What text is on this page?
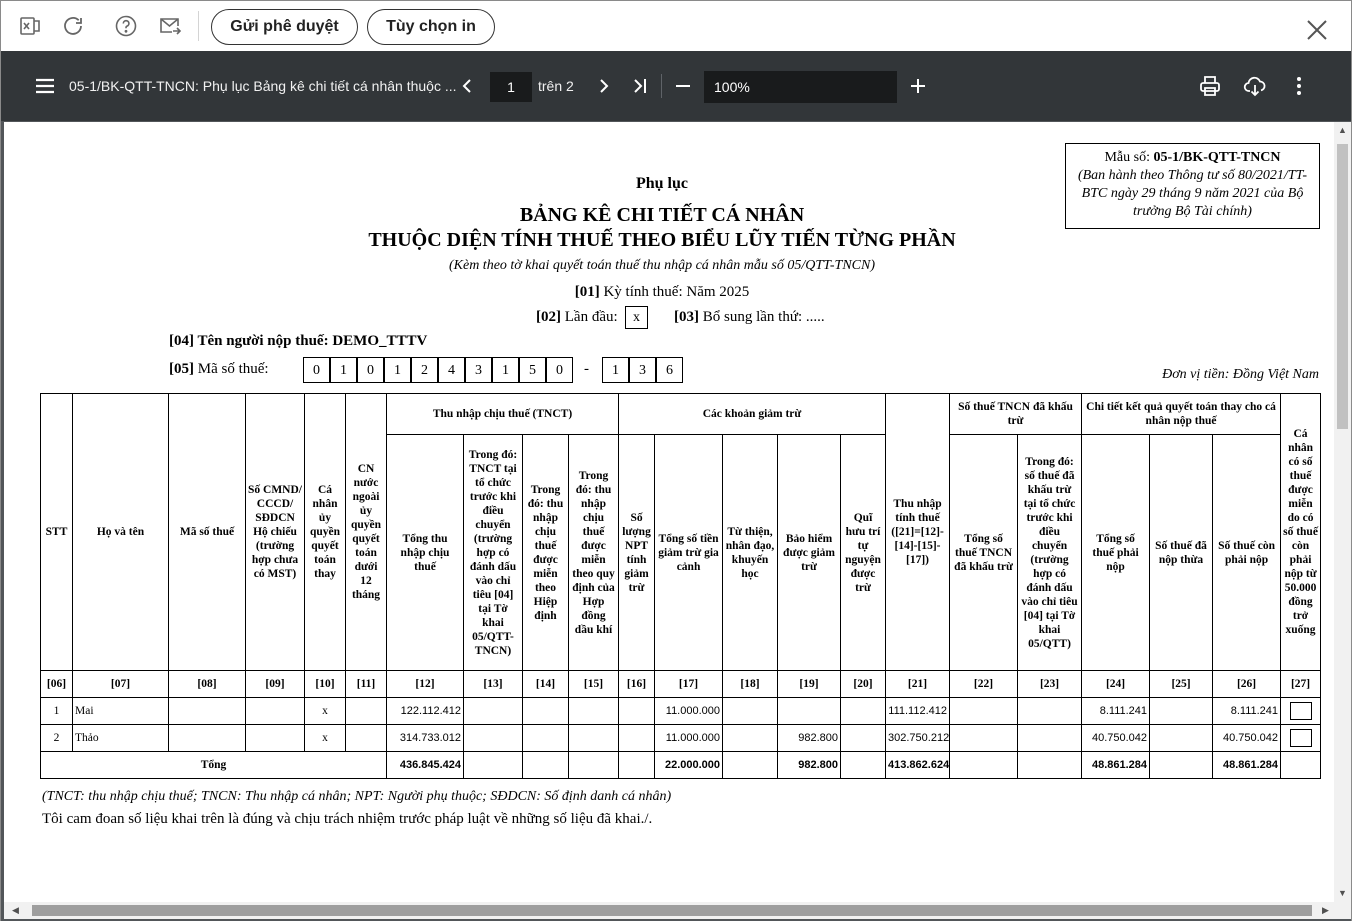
Gửi phê duyệt	Tùy chọn in
05-1/BK-QTT-TNCN: Phụ lục Bảng kê chi tiết cá nhân thuộc ...	1	trên 2	100%
Mẫu số: 05-1/BK-QTT-TNCN
(Ban hành theo Thông tư số 80/2021/TT-BTC ngày 29 tháng 9 năm 2021 của Bộ trưởng Bộ Tài chính)
Phụ lục
BẢNG KÊ CHI TIẾT CÁ NHÂN
THUỘC DIỆN TÍNH THUẾ THEO BIỂU LŨY TIẾN TỪNG PHẦN
(Kèm theo tờ khai quyết toán thuế thu nhập cá nhân mẫu số 05/QTT-TNCN)
[01] Kỳ tính thuế: Năm 2025
[02] Lần đầu:	x	[03] Bổ sung lần thứ: .....
[04] Tên người nộp thuế: DEMO_TTTV
[05] Mã số thuế:	0	1	0	1	2	4	3	1	5	0	-	1	3	6	Đơn vị tiền: Đồng Việt Nam
STT	Họ và tên	Mã số thuế	Số CMND/ CCCD/ SĐDCN Hộ chiếu (trường hợp chưa có MST)	Cá nhân ủy quyền quyết toán thay	CN nước ngoài ủy quyền quyết toán dưới 12 tháng	Thu nhập chịu thuế (TNCT)				Các khoản giảm trừ					Thu nhập tính thuế ([21]=[12]-[14]-[15]-[17])	Số thuế TNCN đã khấu trừ		Chi tiết kết quả quyết toán thay cho cá nhân nộp thuế			Cá nhân có số thuế được miễn do có số thuế còn phải nộp từ 50.000 đồng trở xuống
						Tổng thu nhập chịu thuế	Trong đó: TNCT tại tổ chức trước khi điều chuyển (trường hợp có đánh dấu vào chỉ tiêu [04] tại Tờ khai 05/QTT-TNCN)	Trong đó: thu nhập chịu thuế được miễn theo Hiệp định	Trong đó: thu nhập chịu thuế được miễn theo quy định của Hợp đồng dầu khí	Số lượng NPT tính giảm trừ	Tổng số tiền giảm trừ gia cảnh	Từ thiện, nhân đạo, khuyến học	Bảo hiểm được giảm trừ	Quĩ hưu trí tự nguyện được trừ		Tổng số thuế TNCN đã khấu trừ	Trong đó: số thuế đã khấu trừ tại tổ chức trước khi điều chuyển (trường hợp có đánh dấu vào chỉ tiêu [04] tại Tờ khai 05/QTT)	Tổng số thuế phải nộp	Số thuế đã nộp thừa	Số thuế còn phải nộp	
[06]	[07]	[08]	[09]	[10]	[11]	[12]	[13]	[14]	[15]	[16]	[17]	[18]	[19]	[20]	[21]	[22]	[23]	[24]	[25]	[26]	[27]
1	Mai			x		122.112.412					11.000.000				111.112.412			8.111.241		8.111.241	
2	Thảo			x		314.733.012					11.000.000		982.800		302.750.212			40.750.042		40.750.042	
Tổng						436.845.424					22.000.000		982.800		413.862.624			48.861.284		48.861.284	
(TNCT: thu nhập chịu thuế; TNCN: Thu nhập cá nhân; NPT: Người phụ thuộc; SĐDCN: Số định danh cá nhân)
Tôi cam đoan số liệu khai trên là đúng và chịu trách nhiệm trước pháp luật về những số liệu đã khai./.
▲
▼
◀	▶
